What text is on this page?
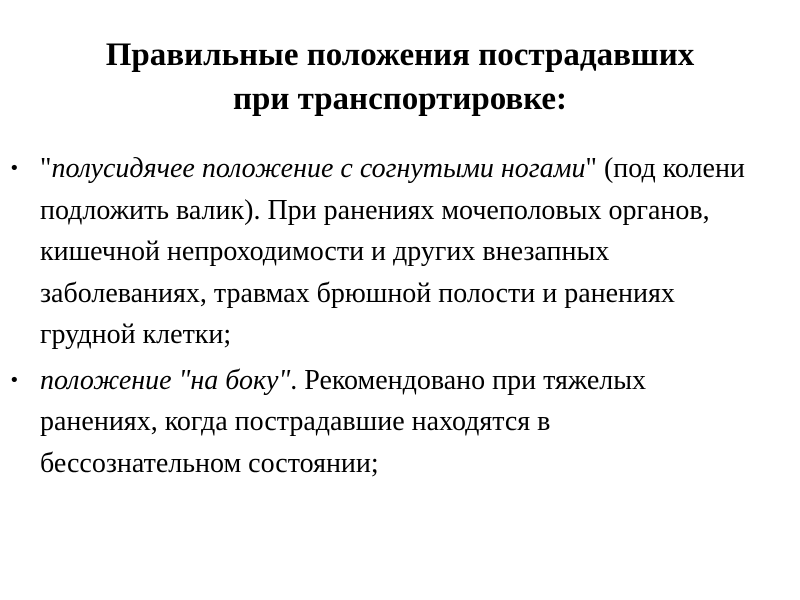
Правильные положения пострадавших
при транспортировке:
• "полусидячее положение с согнутыми ногами" (под колени подложить валик). При ранениях мочеполовых органов, кишечной непроходимости и других внезапных заболеваниях, травмах брюшной полости и ранениях грудной клетки;
• положение "на боку". Рекомендовано при тяжелых ранениях, когда пострадавшие находятся в бессознательном состоянии;
